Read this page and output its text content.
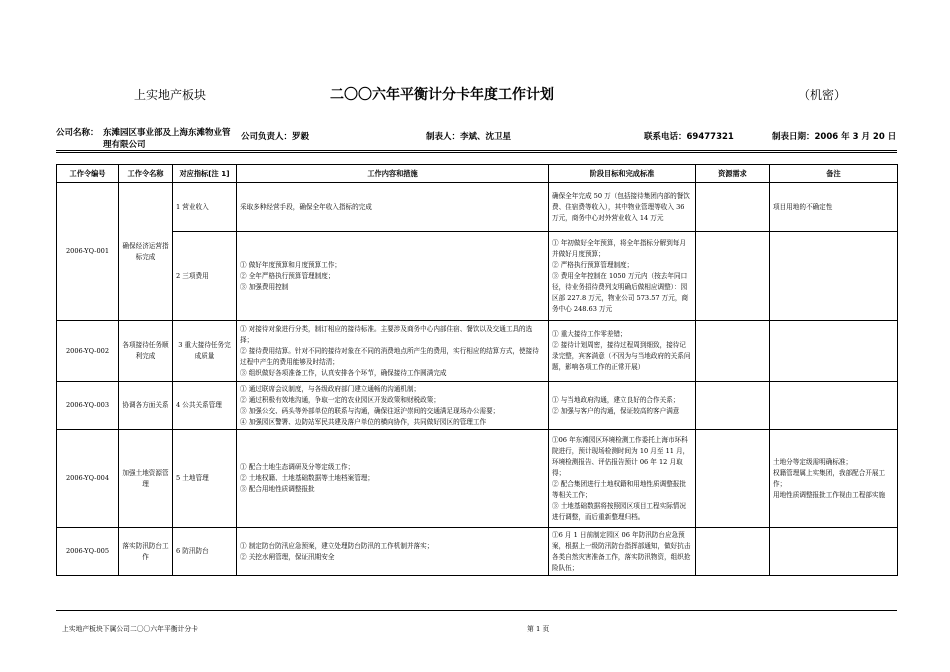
上实地产板块	二〇〇六年平衡计分卡年度工作计划	（机密）
公司名称： 东滩园区事业部及上海东滩物业管理有限公司
公司负责人：罗毅	制表人：李斌、沈卫星	联系电话：69477321	制表日期：2006 年 3 月 20 日
工作令编号	工作令名称	对应指标[注 1]	工作内容和措施	阶段目标和完成标准	资源需求	备注
2006-YQ-001	确保经济运营指标完成	1 营业收入	采取多种经营手段，确保全年收入指标的完成	确保全年完成 50 万（包括接待集团内部的餐饮费、住宿费等收入），其中物业管理等收入 36 万元，商务中心对外营业收入 14 万元		项目用地的不确定性

		2 三项费用	① 做好年度预算和月度预算工作；
② 全年严格执行预算管理制度；
③ 加强费用控制	① 年初做好全年预算，将全年指标分解到每月并做好月度预算；
② 严格执行预算管理制度；
③ 费用全年控制在 1050 万元内（按去年同口径，待业务招待费列支明确后做相应调整）：园区部 227.8 万元，物业公司 573.57 万元，商务中心 248.63 万元		

2006-YQ-002	各项接待任务顺利完成	3 重大接待任务完成质量	① 对接待对象进行分类，制订相应的接待标准。主要涉及商务中心内部住宿、餐饮以及交通工具的选择；
② 接待费用结算。针对不同的接待对象在不同的消费地点所产生的费用，实行相应的结算方式，使接待过程中产生的费用能够及时结清；
③ 组织做好各项准备工作，认真安排各个环节，确保接待工作圆满完成	① 重大接待工作零差错；
② 接待计划周密，接待过程周到细致，接待记录完整，宾客满意（不因为与当地政府的关系问题，影响各项工作的正常开展）		

2006-YQ-003	协调各方面关系	4 公共关系管理	① 通过联席会议制度，与各级政府部门建立通畅的沟通机制；
② 通过积极有效地沟通，争取一定的农业园区开发政策和财税政策；
③ 加强公交、码头等外部单位的联系与沟通，确保往返沪崇间的交通满足现场办公需要；
④ 加强园区警署、边防站军民共建及落户单位的横向协作，共同做好园区的管理工作	① 与当地政府沟通，建立良好的合作关系；
② 加强与客户的沟通，保证较高的客户满意		

2006-YQ-004	加强土地资源管理	5 土地管理	① 配合土地生态调研及分等定级工作；
② 土地权籍、土地基础数据等土地档案管理；
③ 配合用地性质调整报批	①06 年东滩园区环境检测工作委托上海市环科院进行，预计现场检测时间为 10 月至 11 月，环境检测报告、评估报告预计 06 年 12 月取得；
② 配合集团进行土地权籍和用地性质调整报批等相关工作；
③ 土地基础数据将按照园区项目工程实际情况进行调整，而后重新整理归档。		土地分等定级需明确标准；
权籍管理属上实集团，我部配合开展工作；
用地性质调整报批工作视由工程部实施

2006-YQ-005	落实防汛防台工作	6 防汛防台	① 制定防台防汛应急预案，建立处理防台防汛的工作机制并落实；
② 关挖水闸管理，保证汛期安全	①6 月 1 日前制定园区 06 年防汛防台应急预案，根据上一级防汛防台指挥部通知，做好抗击各类自然灾害准备工作，落实防汛物资，组织抢险队伍；		

上实地产板块下属公司二〇〇六年平衡计分卡	第 1 页
